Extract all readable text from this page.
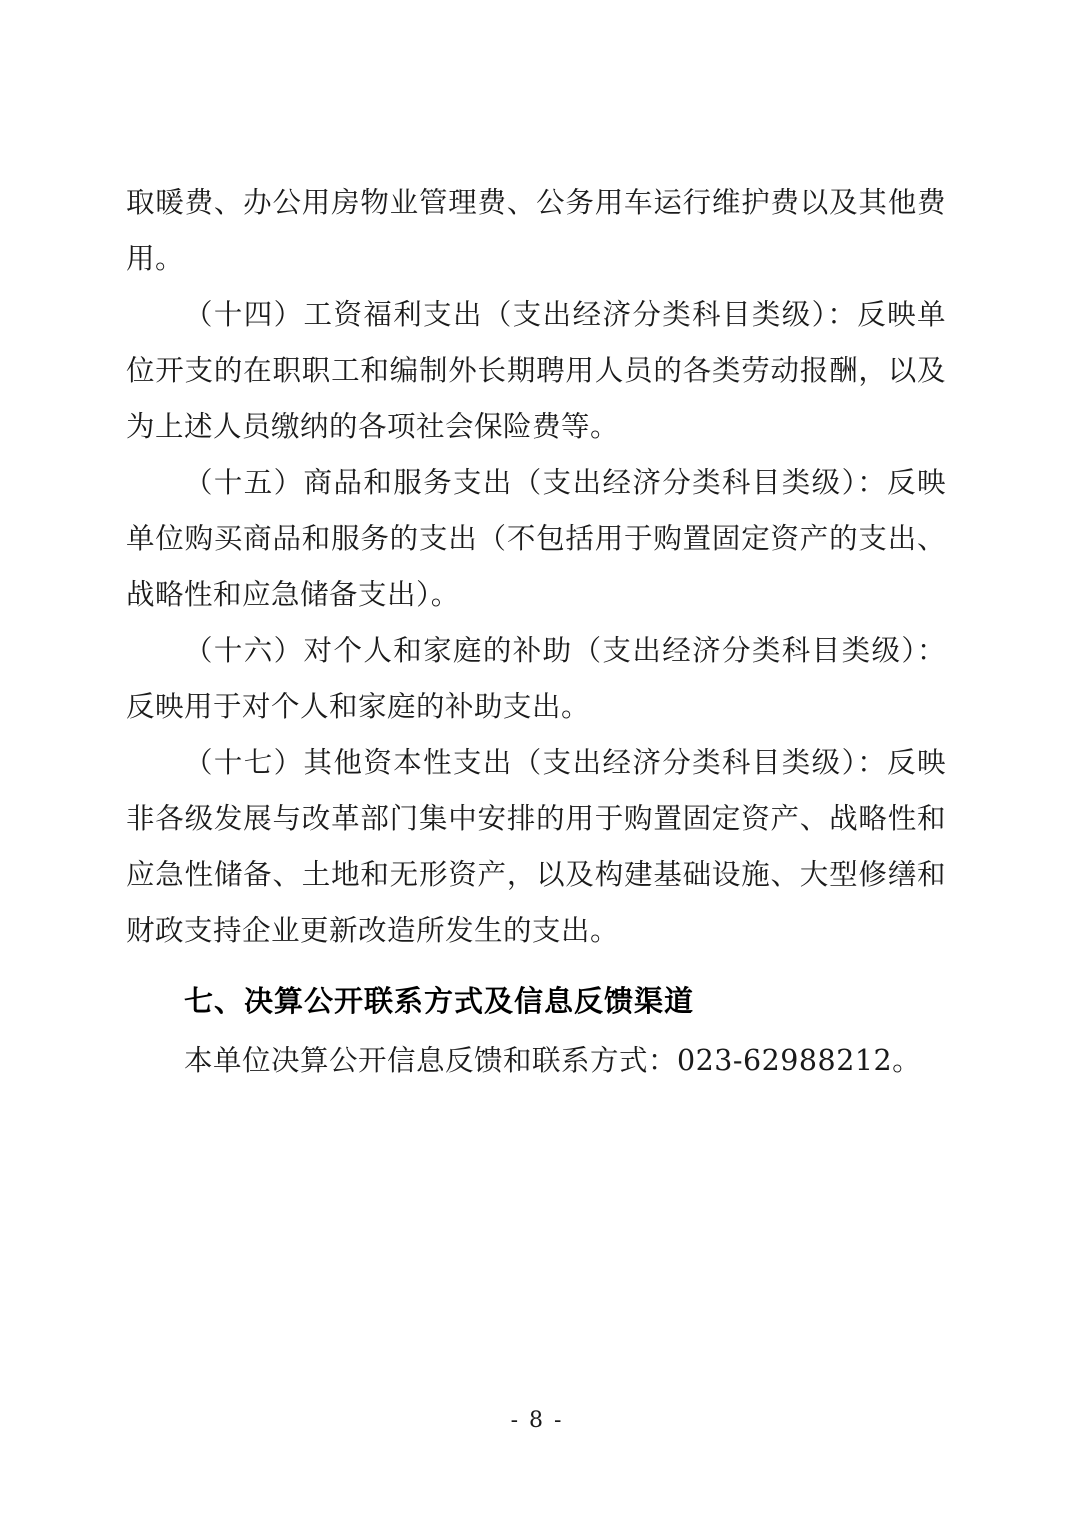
取暖费、办公用房物业管理费、公务用车运行维护费以及其他费用。

（十四）工资福利支出（支出经济分类科目类级）：反映单位开支的在职职工和编制外长期聘用人员的各类劳动报酬，以及为上述人员缴纳的各项社会保险费等。

（十五）商品和服务支出（支出经济分类科目类级）：反映单位购买商品和服务的支出（不包括用于购置固定资产的支出、战略性和应急储备支出）。

（十六）对个人和家庭的补助（支出经济分类科目类级）：反映用于对个人和家庭的补助支出。

（十七）其他资本性支出（支出经济分类科目类级）：反映非各级发展与改革部门集中安排的用于购置固定资产、战略性和应急性储备、土地和无形资产，以及构建基础设施、大型修缮和财政支持企业更新改造所发生的支出。

七、决算公开联系方式及信息反馈渠道

本单位决算公开信息反馈和联系方式：023-62988212。

- 8 -
